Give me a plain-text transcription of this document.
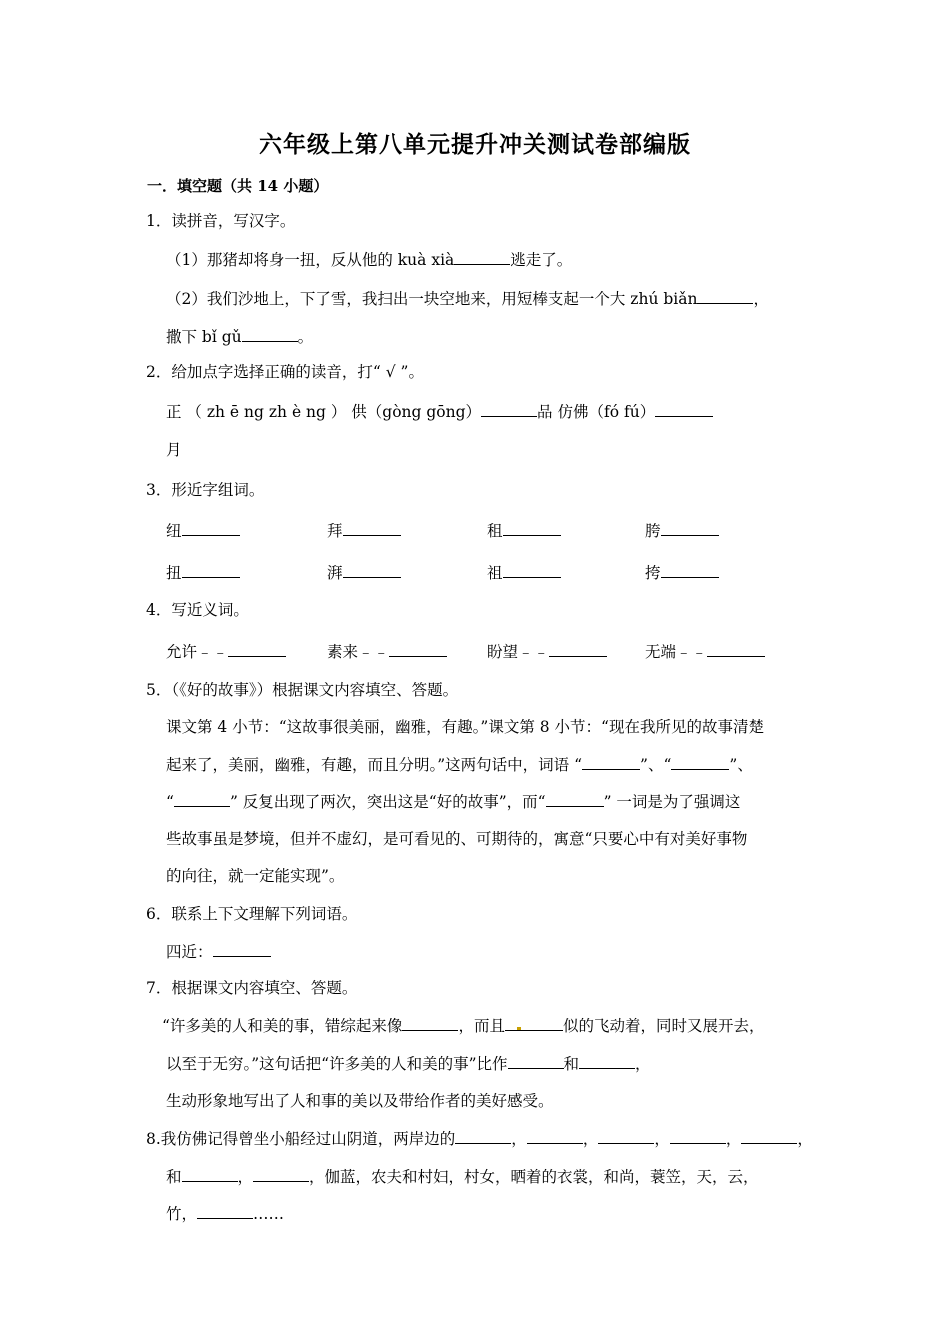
六年级上第八单元提升冲关测试卷部编版
一．填空题（共 14 小题）
1．读拼音，写汉字。
（1）那猪却将身一扭，反从他的 kuà xià	逃走了。
（2）我们沙地上，下了雪，我扫出一块空地来，用短棒支起一个大 zhú biǎn	，
撒下 bǐ gǔ	。
2．给加点字选择正确的读音，打“ √ ”。
正 （ zh ē ng zh è ng ） 供（gòng gōng）	品 仿佛（fó fú）
月
3．形近字组词。
纽	拜	租	胯
扭	湃	祖	挎
4．写近义词。
允许﹣﹣	素来﹣﹣	盼望﹣﹣	无端﹣﹣
5．（《好的故事》）根据课文内容填空、答题。
课文第 4 小节：“这故事很美丽，幽雅，有趣。”课文第 8 小节：“现在我所见的故事清楚
起来了，美丽，幽雅，有趣，而且分明。”这两句话中，词语 “	”、“	”、
“	” 反复出现了两次，突出这是“好的故事”，而“	” 一词是为了强调这
些故事虽是梦境，但并不虚幻，是可看见的、可期待的，寓意“只要心中有对美好事物
的向往，就一定能实现”。
6．联系上下文理解下列词语。
四近：
7．根据课文内容填空、答题。
“许多美的人和美的事，错综起来像	，而且	似的飞动着，同时又展开去，
以至于无穷。”这句话把“许多美的人和美的事”比作	和	，
生动形象地写出了人和事的美以及带给作者的美好感受。
8.我仿佛记得曾坐小船经过山阴道，两岸边的	，	，	，	，	，
和	，	，伽蓝，农夫和村妇，村女，晒着的衣裳，和尚，蓑笠，天，云，
竹，	……
